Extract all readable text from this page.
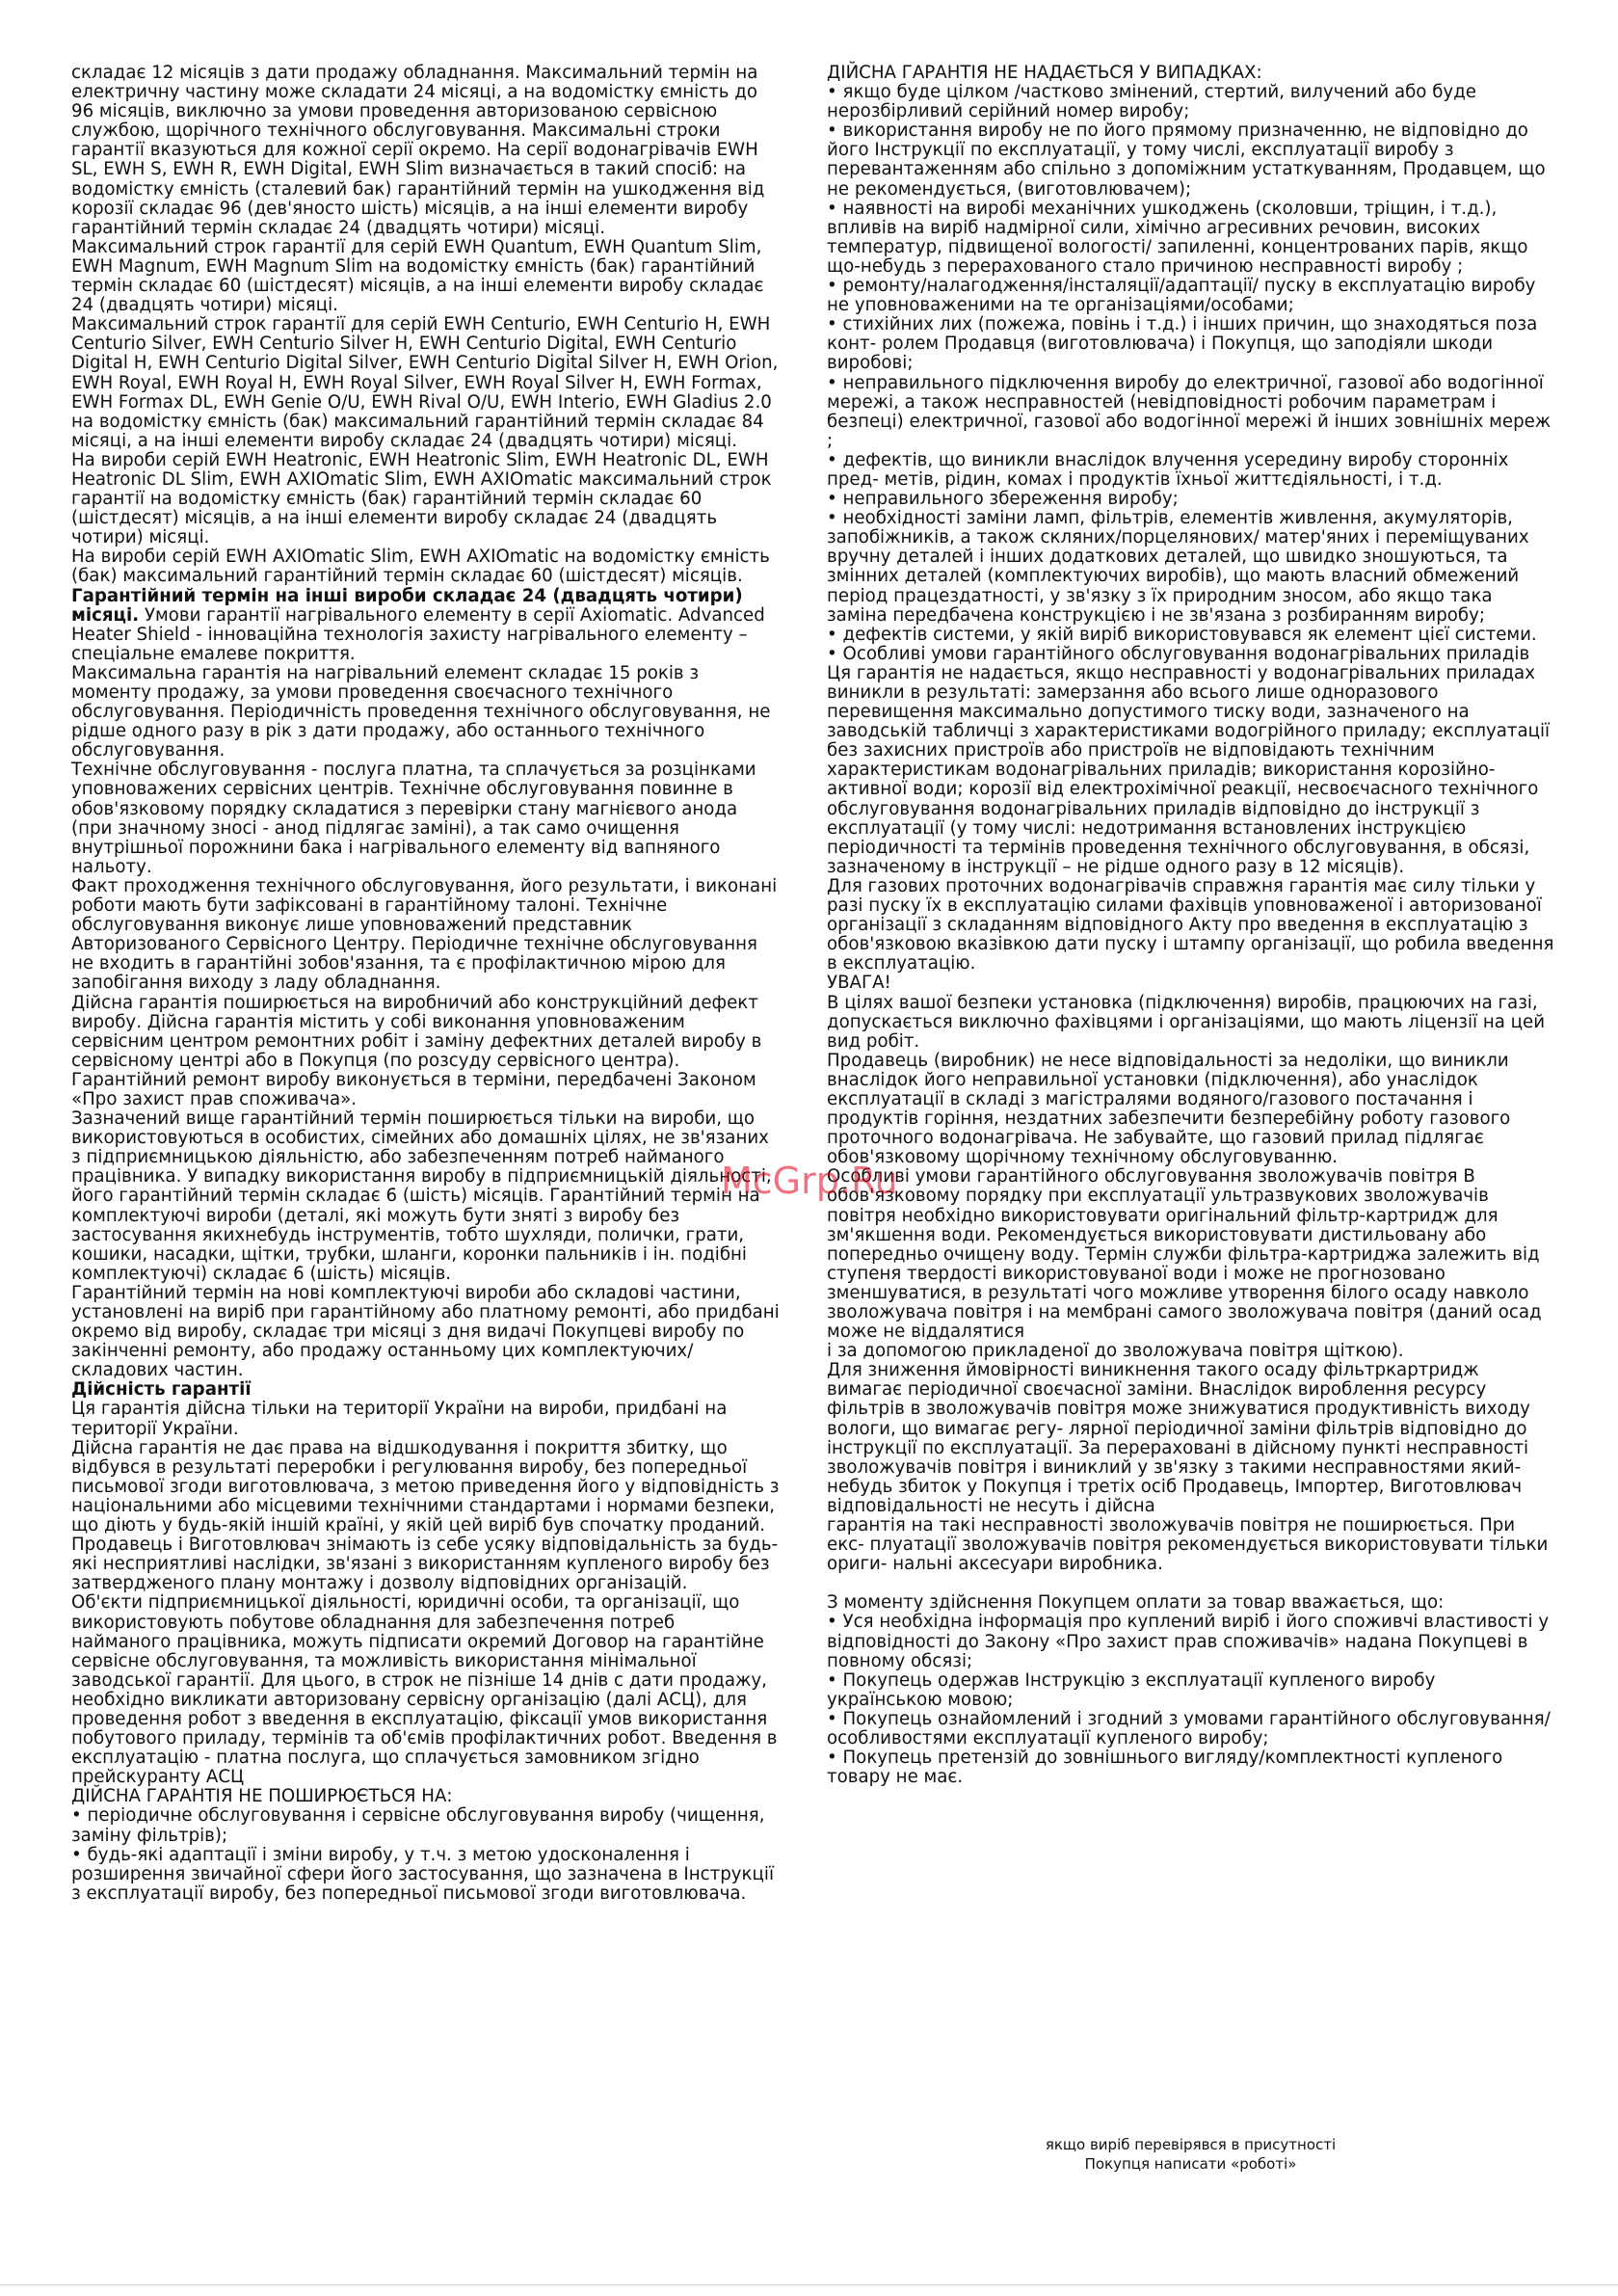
складає 12 місяців з дати продажу обладнання. Максимальний термін на електричну частину може складати 24 місяці, а на водомістку ємність до 96 місяців, виключно за умови проведення авторизованою сервісною службою, щорічного технічного обслуговування. Максимальні строки гарантії вказуються для кожної серії окремо. На серії водонагрівачів EWH SL, EWH S, EWH R, EWH Digital, EWH Slim визначається в такий спосіб: на водомістку ємність (сталевий бак) гарантійний термін на ушкодження від корозії складає 96 (дев'яносто шість) місяців, а на інші елементи виробу гарантійний термін складає 24 (двадцять чотири) місяці.

Максимальний строк гарантії для серій EWH Quantum, EWH Quantum Slim, EWH Magnum, EWH Magnum Slim на водомістку ємність (бак) гарантійний термін складає 60 (шістдесят) місяців, а на інші елементи виробу складає 24 (двадцять чотири) місяці.

Максимальний строк гарантії для серій EWH Centurio, EWH Centurio H, EWH Centurio Silver, EWH Centurio Silver H, EWH Centurio Digital, EWH Centurio Digital H, EWH Centurio Digital Silver, EWH Centurio Digital Silver H, EWH Orion, EWH Royal, EWH Royal H, EWH Royal Silver, EWH Royal Silver H, EWH Formax, EWH Formax DL, EWH Genie O/U, EWH Rival O/U, EWH Interio, EWH Gladius 2.0 на водомістку ємність (бак) максимальний гарантійний термін складає 84 місяці, а на інші елементи виробу складає 24 (двадцять чотири) місяці.

На вироби серій EWH Heatronic, EWH Heatronic Slim, EWH Heatronic DL, EWH Heatronic DL Slim, EWH AXIOmatic Slim, EWH AXIOmatic максимальний строк гарантії на водомістку ємність (бак) гарантійний термін складає 60 (шістдесят) місяців, а на інші елементи виробу складає 24 (двадцять чотири) місяці.

На вироби серій EWH AXIOmatic Slim, EWH AXIOmatic на водомістку ємність (бак) максимальний гарантійний термін складає 60 (шістдесят) місяців.

Гарантійний термін на інші вироби складає 24 (двадцять чотири) місяці. Умови гарантії нагрівального елементу в серії Axiomatic. Advanced Heater Shield - інноваційна технологія захисту нагрівального елементу – спеціальне емалеве покриття.

Максимальна гарантія на нагрівальний елемент складає 15 років з моменту продажу, за умови проведення своєчасного технічного обслуговування. Періодичність проведення технічного обслуговування, не рідше одного разу в рік з дати продажу, або останнього технічного обслуговування.

Технічне обслуговування - послуга платна, та сплачується за розцінками уповноважених сервісних центрів. Технічне обслуговування повинне в обов'язковому порядку складатися з перевірки стану магнієвого анода (при значному зносі - анод підлягає заміні), а так само очищення внутрішньої порожнини бака і нагрівального елементу від вапняного нальоту.

Факт проходження технічного обслуговування, його результати, і виконані роботи мають бути зафіксовані в гарантійному талоні. Технічне обслуговування виконує лише уповноважений представник Авторизованого Сервісного Центру. Періодичне технічне обслуговування не входить в гарантійні зобов'язання, та є профілактичною мірою для запобігання виходу з ладу обладнання.

Дійсна гарантія поширюється на виробничий або конструкційний дефект виробу. Дійсна гарантія містить у собі виконання уповноваженим сервісним центром ремонтних робіт і заміну дефектних деталей виробу в сервісному центрі або в Покупця (по розсуду сервісного центра). Гарантійний ремонт виробу виконується в терміни, передбачені Законом «Про захист прав споживача».

Зазначений вище гарантійний термін поширюється тільки на вироби, що використовуються в особистих, сімейних або домашніх цілях, не зв'язаних з підприємницькою діяльністю, або забезпеченням потреб найманого працівника. У випадку використання виробу в підприємницькій діяльності, його гарантійний термін складає 6 (шість) місяців. Гарантійний термін на комплектуючі вироби (деталі, які можуть бути зняті з виробу без застосування якихнебудь інструментів, тобто шухляди, полички, грати, кошики, насадки, щітки, трубки, шланги, коронки пальників і ін. подібні комплектуючі) складає 6 (шість) місяців.

Гарантійний термін на нові комплектуючі вироби або складові частини, установлені на виріб при гарантійному або платному ремонті, або придбані окремо від виробу, складає три місяці з дня видачі Покупцеві виробу по закінченні ремонту, або продажу останньому цих комплектуючих/складових частин.

Дійсність гарантії

Ця гарантія дійсна тільки на території України на вироби, придбані на території України.

Дійсна гарантія не дає права на відшкодування і покриття збитку, що відбувся в результаті переробки і регулювання виробу, без попередньої письмової згоди виготовлювача, з метою приведення його у відповідність з національними або місцевими технічними стандартами і нормами безпеки, що діють у будь-якій іншій країні, у якій цей виріб був спочатку проданий.

Продавець і Виготовлювач знімають із себе усяку відповідальність за будь-які несприятливі наслідки, зв'язані з використанням купленого виробу без затвердженого плану монтажу і дозволу відповідних організацій.

Об'єкти підприємницької діяльності, юридичні особи, та організації, що використовують побутове обладнання для забезпечення потреб найманого працівника, можуть підписати окремий Договор на гарантійне сервісне обслуговування, та можливість використання мінімальної заводської гарантії. Для цього, в строк не пізніше 14 днів с дати продажу, необхідно викликати авторизовану сервісну організацію (далі АСЦ), для проведення робот з введення в експлуатацію, фіксації умов використання побутового приладу, термінів та об'ємів профілактичних робот. Введення в експлуатацію - платна послуга, що сплачується замовником згідно прейскуранту АСЦ

ДІЙСНА ГАРАНТІЯ НЕ ПОШИРЮЄТЬСЯ НА:

• періодичне обслуговування і сервісне обслуговування виробу (чищення, заміну фільтрів);

• будь-які адаптації і зміни виробу, у т.ч. з метою удосконалення і розширення звичайної сфери його застосування, що зазначена в Інструкції з експлуатації виробу, без попередньої письмової згоди виготовлювача.

ДІЙСНА ГАРАНТІЯ НЕ НАДАЄТЬСЯ У ВИПАДКАХ:

• якщо буде цілком /частково змінений, стертий, вилучений або буде нерозбірливий серійний номер виробу;

• використання виробу не по його прямому призначенню, не відповідно до його Інструкції по експлуатації, у тому числі, експлуатації виробу з перевантаженням або спільно з допоміжним устаткуванням, Продавцем, що не рекомендується, (виготовлювачем);

• наявності на виробі механічних ушкоджень (сколовши, тріщин, і т.д.), впливів на виріб надмірної сили, хімічно агресивних речовин, високих температур, підвищеної вологості/ запиленні, концентрованих парів, якщо що-небудь з перерахованого стало причиною несправності виробу ;

• ремонту/налагодження/інсталяції/адаптації/ пуску в експлуатацію виробу не уповноваженими на те організаціями/особами;

• стихійних лих (пожежа, повінь і т.д.) і інших причин, що знаходяться поза конт- ролем Продавця (виготовлювача) і Покупця, що заподіяли шкоди виробові;

• неправильного підключення виробу до електричної, газової або водогінної мережі, а також несправностей (невідповідності робочим параметрам і безпеці) електричної, газової або водогінної мережі й інших зовнішніх мереж ;

• дефектів, що виникли внаслідок влучення усередину виробу сторонніх пред- метів, рідин, комах і продуктів їхньої життєдіяльності, і т.д.

• неправильного збереження виробу;

• необхідності заміни ламп, фільтрів, елементів живлення, акумуляторів, запобіжників, а також скляних/порцелянових/ матер'яних і переміщуваних вручну деталей і інших додаткових деталей, що швидко зношуються, та змінних деталей (комплектуючих виробів), що мають власний обмежений період працездатності, у зв'язку з їх природним зносом, або якщо така заміна передбачена конструкцією і не зв'язана з розбиранням виробу;

• дефектів системи, у якій виріб використовувався як елемент цієї системи.

• Особливі умови гарантійного обслуговування водонагрівальних приладів Ця гарантія не надається, якщо несправності у водонагрівальних приладах виникли в результаті: замерзання або всього лише одноразового перевищення максимально допустимого тиску води, зазначеного на заводській табличці з характеристиками водогрійного приладу; експлуатації без захисних пристроїв або пристроїв не відповідають технічним характеристикам водонагрівальних приладів; використання корозійно-активної води; корозії від електрохімічної реакції, несвоєчасного технічного обслуговування водонагрівальних приладів відповідно до інструкції з експлуатації (у тому числі: недотримання встановлених інструкцією періодичності та термінів проведення технічного обслуговування, в обсязі, зазначеному в інструкції – не рідше одного разу в 12 місяців).

Для газових проточних водонагрівачів справжня гарантія має силу тільки у разі пуску їх в експлуатацію силами фахівців уповноваженої і авторизованої організації з складанням відповідного Акту про введення в експлуатацію з обов'язковою вказівкою дати пуску і штампу організації, що робила введення в експлуатацію.

УВАГА!

В цілях вашої безпеки установка (підключення) виробів, працюючих на газі, допускається виключно фахівцями і організаціями, що мають ліцензії на цей вид робіт.

Продавець (виробник) не несе відповідальності за недоліки, що виникли внаслідок його неправильної установки (підключення), або унаслідок експлуатації в складі з магістралями водяного/газового постачання і продуктів горіння, нездатних забезпечити безперебійну роботу газового проточного водонагрівача. Не забувайте, що газовий прилад підлягає обов'язковому щорічному технічному обслуговуванню.

Особливі умови гарантійного обслуговування зволожувачів повітря В обов'язковому порядку при експлуатації ультразвукових зволожувачів повітря необхідно використовувати оригінальний фільтр-картридж для зм'якшення води. Рекомендується використовувати дистильовану або попередньо очищену воду. Термін служби фільтра-картриджа залежить від ступеня твердості використовуваної води і може не прогнозовано зменшуватися, в результаті чого можливе утворення білого осаду навколо зволожувача повітря і на мембрані самого зволожувача повітря (даний осад може не віддалятися

і за допомогою прикладеної до зволожувача повітря щіткою).

Для зниження ймовірності виникнення такого осаду фільтркартридж вимагає періодичної своєчасної заміни. Внаслідок вироблення ресурсу фільтрів в зволожувачів повітря може знижуватися продуктивність виходу вологи, що вимагає регу- лярної періодичної заміни фільтрів відповідно до інструкції по експлуатації. За перераховані в дійсному пункті несправності зволожувачів повітря і виниклий у зв'язку з такими несправностями який-небудь збиток у Покупця і третіх осіб Продавець, Імпортер, Виготовлювач відповідальності не несуть і дійсна

гарантія на такі несправності зволожувачів повітря не поширюється. При екс- плуатації зволожувачів повітря рекомендується використовувати тільки ориги- нальні аксесуари виробника.

З моменту здійснення Покупцем оплати за товар вважається, що:

• Уся необхідна інформація про куплений виріб і його споживчі властивості у відповідності до Закону «Про захист прав споживачів» надана Покупцеві в повному обсязі;

• Покупець одержав Інструкцію з експлуатації купленого виробу українською мовою;

• Покупець ознайомлений і згодний з умовами гарантійного обслуговування/ особливостями експлуатації купленого виробу;

• Покупець претензій до зовнішнього вигляду/комплектності купленого товару не має.

якщо виріб перевірявся в присутності

Покупця написати «роботі»

McGrp.Ru
